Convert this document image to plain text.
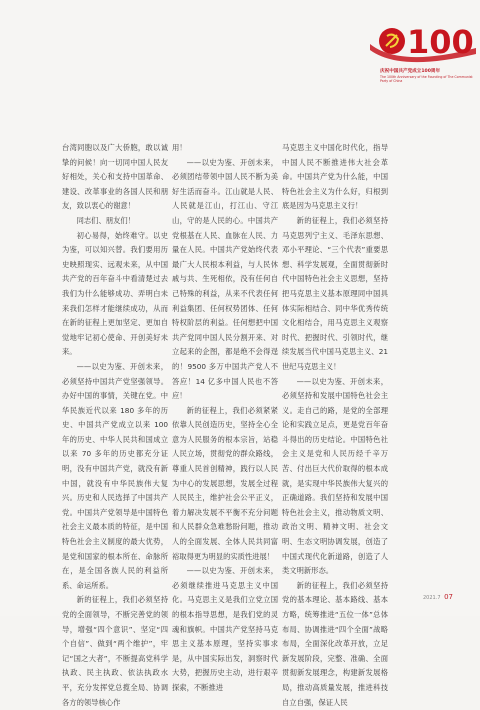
100
庆祝中国共产党成立100周年
The 100th Anniversary of the Founding of The Communist Party of China

台湾同胞以及广大侨胞，敢以诚挚的问候！向一切同中国人民友好相处，关心和支持中国革命、建设、改革事业的各国人民和朋友，致以衷心的谢意！

同志们、朋友们！

初心易得，始终难守。以史为鉴，可以知兴替。我们要用历史映照现实、远观未来，从中国共产党的百年奋斗中看清楚过去我们为什么能够成功、弄明白未来我们怎样才能继续成功，从而在新的征程上更加坚定、更加自觉地牢记初心使命、开创美好未来。

——以史为鉴、开创未来，必须坚持中国共产党坚强领导。办好中国的事情，关键在党。中华民族近代以来 180 多年的历史、中国共产党成立以来 100 年的历史、中华人民共和国成立以来 70 多年的历史都充分证明，没有中国共产党，就没有新中国，就没有中华民族伟大复兴。历史和人民选择了中国共产党。中国共产党领导是中国特色社会主义最本质的特征，是中国特色社会主义制度的最大优势，是党和国家的根本所在、命脉所在，是全国各族人民的利益所系、命运所系。

新的征程上，我们必须坚持党的全面领导，不断完善党的领导，增强“四个意识”、坚定“四个自信”、做到“两个维护”，牢记“国之大者”，不断提高党科学执政、民主执政、依法执政水平，充分发挥党总揽全局、协调各方的领导核心作

用！

——以史为鉴、开创未来，必须团结带领中国人民不断为美好生活而奋斗。江山就是人民、人民就是江山，打江山、守江山，守的是人民的心。中国共产党根基在人民、血脉在人民、力量在人民。中国共产党始终代表最广大人民根本利益，与人民休戚与共、生死相依，没有任何自己特殊的利益，从来不代表任何利益集团、任何权势团体、任何特权阶层的利益。任何想把中国共产党同中国人民分割开来、对立起来的企图，都是绝不会得逞的！9500 多万中国共产党人不答应！14 亿多中国人民也不答应！

新的征程上，我们必须紧紧依靠人民创造历史，坚持全心全意为人民服务的根本宗旨，站稳人民立场，贯彻党的群众路线，尊重人民首创精神，践行以人民为中心的发展思想，发展全过程人民民主，维护社会公平正义，着力解决发展不平衡不充分问题和人民群众急难愁盼问题，推动人的全面发展、全体人民共同富裕取得更为明显的实质性进展！

——以史为鉴、开创未来，必须继续推进马克思主义中国化。马克思主义是我们立党立国的根本指导思想，是我们党的灵魂和旗帜。中国共产党坚持马克思主义基本原理，坚持实事求是，从中国实际出发，洞察时代大势，把握历史主动，进行艰辛探索，不断推进

马克思主义中国化时代化，指导中国人民不断推进伟大社会革命。中国共产党为什么能，中国特色社会主义为什么好，归根到底是因为马克思主义行！

新的征程上，我们必须坚持马克思列宁主义、毛泽东思想、邓小平理论、“三个代表”重要思想、科学发展观，全面贯彻新时代中国特色社会主义思想，坚持把马克思主义基本原理同中国具体实际相结合、同中华优秀传统文化相结合，用马克思主义观察时代、把握时代、引领时代，继续发展当代中国马克思主义、21 世纪马克思主义！

——以史为鉴、开创未来，必须坚持和发展中国特色社会主义。走自己的路，是党的全部理论和实践立足点，更是党百年奋斗得出的历史结论。中国特色社会主义是党和人民历经千辛万苦、付出巨大代价取得的根本成就，是实现中华民族伟大复兴的正确道路。我们坚持和发展中国特色社会主义，推动物质文明、政治文明、精神文明、社会文明、生态文明协调发展，创造了中国式现代化新道路，创造了人类文明新形态。

新的征程上，我们必须坚持党的基本理论、基本路线、基本方略，统筹推进“五位一体”总体布局、协调推进“四个全面”战略布局，全面深化改革开放，立足新发展阶段，完整、准确、全面贯彻新发展理念，构建新发展格局，推动高质量发展，推进科技自立自强，保证人民

2021.7 07
